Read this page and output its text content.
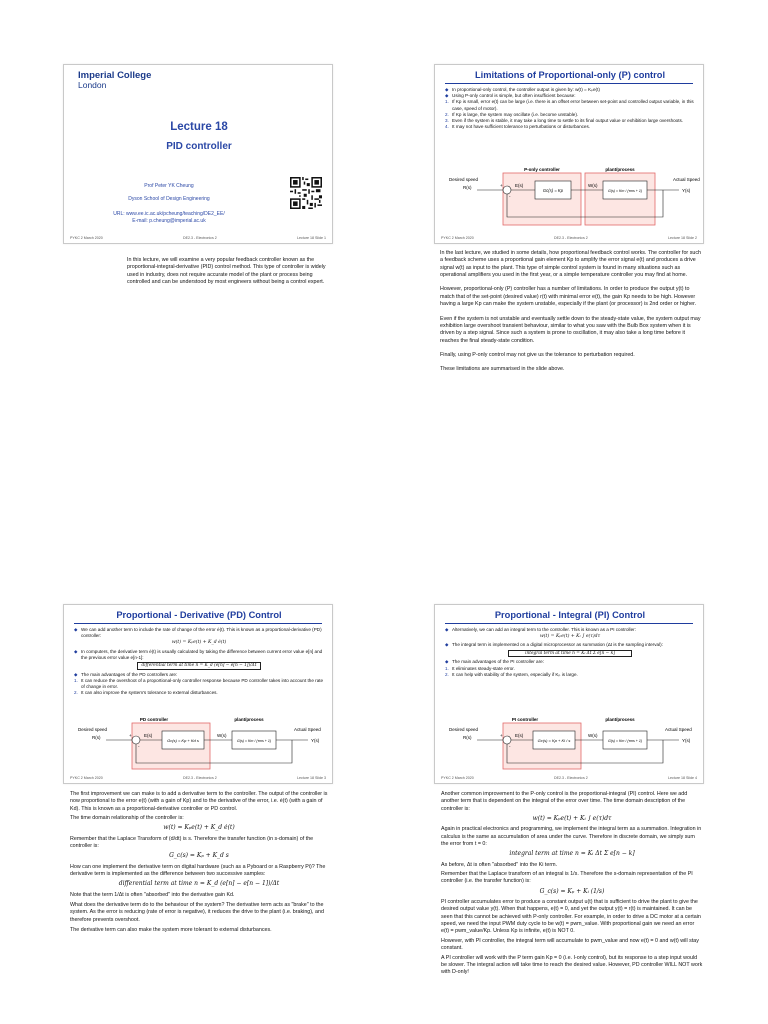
Imperial College
London
Lecture 18
PID controller
Prof Peter YK Cheung
Dyson School of Design Engineering
URL: www.ee.ic.ac.uk/pcheung/teaching/DE2_EE/
E-mail: p.cheung@imperial.ac.uk
PYKC 2 March 2020	DE2.3 - Electronics 2	Lecture 18 Slide 1
Limitations of Proportional-only (P) control
◆ In proportional-only control, the controller output is given by: w(t) = Kₚe(t)
◆ Using P-only control is simple, but often insufficient because:
1. If Kp is small, error e(t) can be large (i.e. there is an offset error between set-point and controlled output variable, in this case, speed of motor).
2. If Kp is large, the system may oscillate (i.e. become unstable).
3. Even if the system is stable, it may take a long time to settle to its final output value or exhibition large overshoots.
4. It may not have sufficient tolerance to perturbations or disturbances.
P-only controller	plant/process
Desired speed
R(s)	+
-
E(s)
Gc(s) = Kp
W(s)
G(s) = Km / (τms + 1)
Actual Speed
Y(s)
PYKC 2 March 2020	DE2.3 - Electronics 2	Lecture 18 Slide 2
Proportional - Derivative (PD) Control
◆ We can add another term to include the rate of change of the error ė(t). This is known as a proportional-derivative (PD) controller:
w(t) = Kₚe(t) + K_d ė(t)
◆ In computers, the derivative term ė(t) is usually calculated by taking the difference between current error value e[n] and the previous error value e[n-1]:
differential term at time n = K_d (e[n] − e[n − 1])/Δt
◆ The main advantages of the PD controllers are:
1. It can reduce the overshoot of a proportional-only controller response because PD controller takes into account the rate of change in error.
2. It can also improve the system's tolerance to external disturbances.
PD controller	plant/process
Desired speed
R(s)	+
-
E(s)
Gc(s) = Kp + Kd s
W(s)
G(s) = Km / (τms + 1)
Actual Speed
Y(s)
PYKC 2 March 2020	DE2.3 - Electronics 2	Lecture 18 Slide 3
Proportional - Integral (PI) Control
◆ Alternatively, we can add an integral term to the controller. This is known as a PI controller:
w(t) = Kₚe(t) + Kᵢ ∫ e(τ)dτ
◆ The integral term is implemented on a digital microprocessor as summation (Δt is the sampling interval):
integral term at time n = Kᵢ Δt Σ e[n − k]
◆ The main advantages of the PI controller are:
1. It eliminates steady-state error.
2. It can help with stability of the system, especially if Kₚ is large.
PI controller	plant/process
Desired speed
R(s)	+
-
E(s)
Gc(s) = Kp + Ki / s
W(s)
G(s) = Km / (τms + 1)
Actual Speed
Y(s)
PYKC 2 March 2020	DE2.3 - Electronics 2	Lecture 18 Slide 4

In this lecture, we will examine a very popular feedback controller known as the proportional-integral-derivative (PID) control method. This type of controller is widely used in industry, does not require accurate model of the plant or process being controlled and can be understood by most engineers without being a control expert.

In the last lecture, we studied in some details, how proportional feedback control works. The controller for such a feedback scheme uses a proportional gain element Kp to amplify the error signal e(t) and produces a drive signal w(t) as input to the plant. This type of simple control system is found in many situations such as operational amplifiers you used in the first year, or a simple temperature controller you may find at home.

However, proportional-only (P) controller has a number of limitations. In order to produce the output y(t) to match that of the set-point (desired value) r(t) with minimal error e(t), the gain Kp needs to be high. However having a large Kp can make the system unstable, especially if the plant (or processor) is 2nd order or higher.

Even if the system is not unstable and eventually settle down to the steady-state value, the system output may exhibition large overshoot transient behaviour, similar to what you saw with the Bulb Box system when it is driven by a step signal. Since such a system is prone to oscillation, it may also take a long time before it reaches the final steady-state condition.

Finally, using P-only control may not give us the tolerance to perturbation required.

These limitations are summarised in the slide above.

The first improvement we can make is to add a derivative term to the controller. The output of the controller is now proportional to the error e(t) (with a gain of Kp) and to the derivative of the error, i.e. ė(t) (with a gain of Kd). This is known as a proportional-derivative controller or PD control.

The time domain relationship of the controller is:

w(t) = Kₚe(t) + K_d ė(t)

Remember that the Laplace Transform of (d/dt) is s. Therefore the transfer function (in s-domain) of the controller is:

G_c(s) = Kₚ + K_d s

How can one implement the derivative term on digital hardware (such as a Pyboard or a Raspberry Pi)? The derivative term is implemented as the difference between two successive samples:

differential term at time n = K_d (e[n] − e[n − 1])/Δt

Note that the term 1/Δt is often "absorbed" into the derivative gain Kd.

What does the derivative term do to the behaviour of the system? The derivative term acts as "brake" to the system. As the error is reducing (rate of error is negative), it reduces the drive to the plant (i.e. braking), and therefore prevents overshoot.

The derivative term can also make the system more tolerant to external disturbances.

Another common improvement to the P-only control is the proportional-integral (PI) control. Here we add another term that is dependent on the integral of the error over time. The time domain description of the controller is:

w(t) = Kₚe(t) + Kᵢ ∫ e(τ)dτ

Again in practical electronics and programming, we implement the integral term as a summation. Integration in calculus is the same as accumulation of area under the curve. Therefore in discrete domain, we simply sum the error from t = 0:

integral term at time n = Kᵢ Δt Σ e[n − k]

As before, Δt is often "absorbed" into the Ki term.

Remember that the Laplace transform of an integral is 1/s. Therefore the s-domain representation of the PI controller (i.e. the transfer function) is:

G_c(s) = Kₚ + Kᵢ (1/s)

PI controller accumulates error to produce a constant output u(t) that is sufficient to drive the plant to give the desired output value y(t). When that happens, e(t) = 0, and yet the output y(t) = r(t) is maintained. It can be seen that this cannot be achieved with P-only controller. For example, in order to drive a DC motor at a certain speed, we need the input PWM duty cycle to be w(t) = pwm_value. With proportional gain we need an error e(t) = pwm_value/Kp. Unless Kp is infinite, e(t) is NOT 0.

However, with PI controller, the integral term will accumulate to pwm_value and now e(t) = 0 and w(t) will stay constant.

A PI controller will work with the P term gain Kp = 0 (i.e. I-only control), but its response to a step input would be slower. The integral action will take time to reach the desired value. However, PD controller WILL NOT work with D-only!
